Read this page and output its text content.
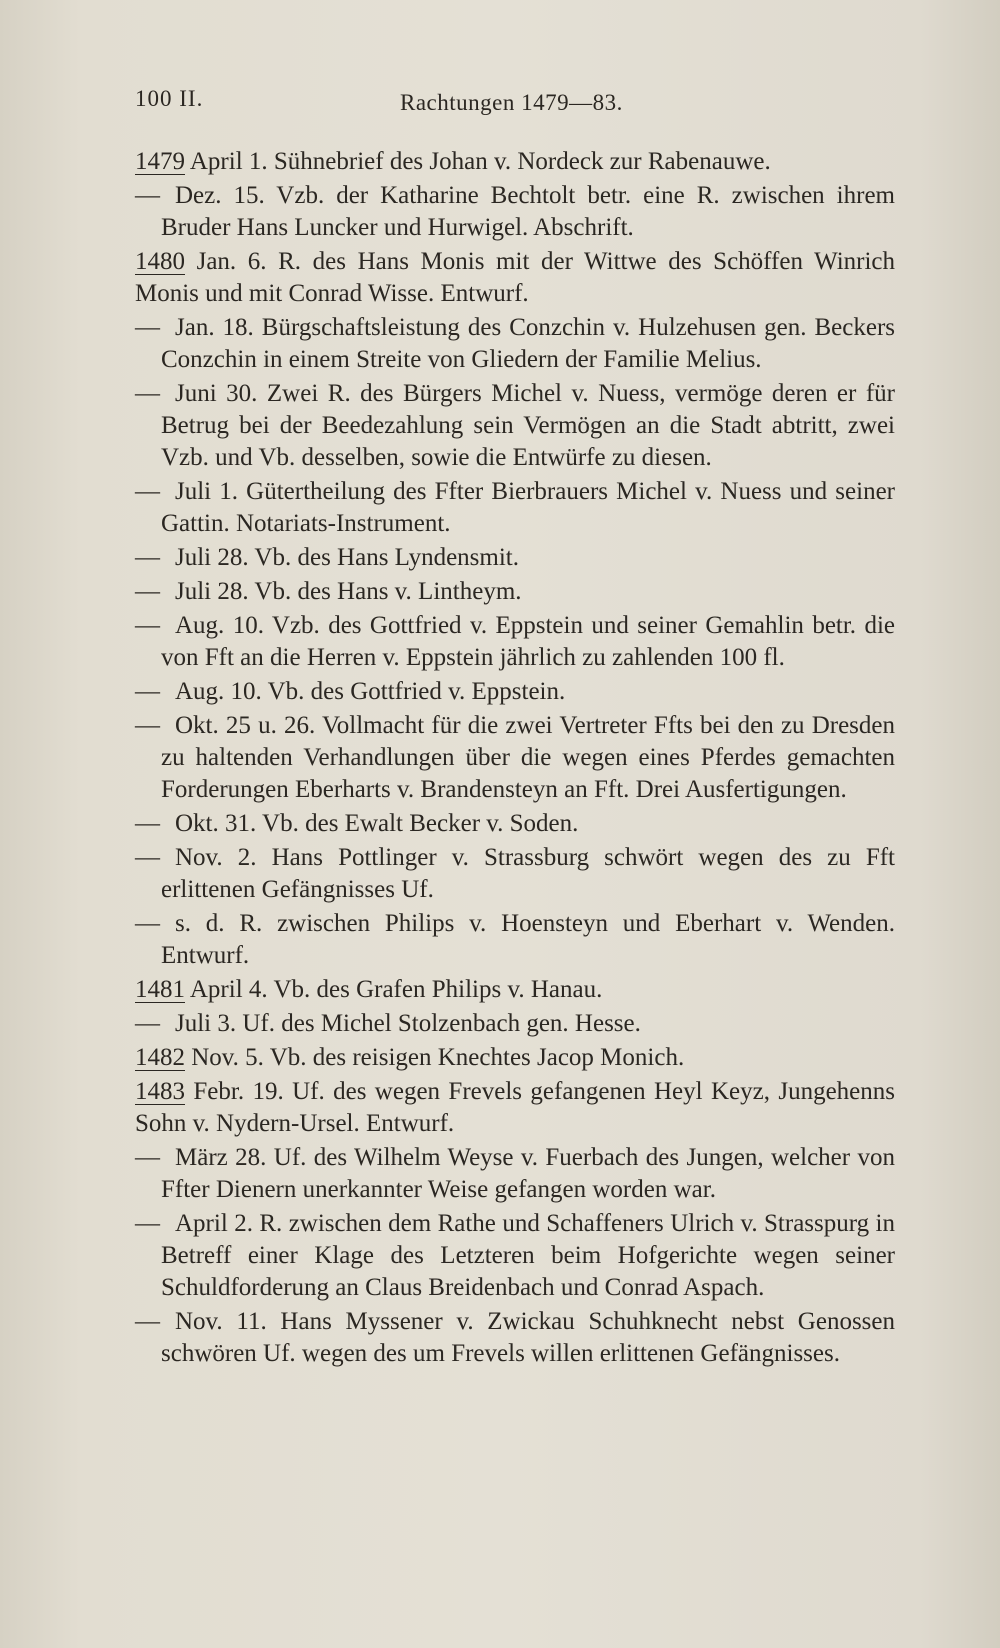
100 II.	Rachtungen 1479—83.
1479 April 1. Sühnebrief des Johan v. Nordeck zur Rabenauwe.
— Dez. 15. Vzb. der Katharine Bechtolt betr. eine R. zwischen ihrem Bruder Hans Luncker und Hurwigel. Abschrift.
1480 Jan. 6. R. des Hans Monis mit der Wittwe des Schöffen Winrich Monis und mit Conrad Wisse. Entwurf.
— Jan. 18. Bürgschaftsleistung des Conzchin v. Hulzehusen gen. Beckers Conzchin in einem Streite von Gliedern der Familie Melius.
— Juni 30. Zwei R. des Bürgers Michel v. Nuess, vermöge deren er für Betrug bei der Beedezahlung sein Vermögen an die Stadt abtritt, zwei Vzb. und Vb. desselben, sowie die Entwürfe zu diesen.
— Juli 1. Gütertheilung des Ffter Bierbrauers Michel v. Nuess und seiner Gattin. Notariats-Instrument.
— Juli 28. Vb. des Hans Lyndensmit.
— Juli 28. Vb. des Hans v. Lintheym.
— Aug. 10. Vzb. des Gottfried v. Eppstein und seiner Gemahlin betr. die von Fft an die Herren v. Eppstein jährlich zu zahlenden 100 fl.
— Aug. 10. Vb. des Gottfried v. Eppstein.
— Okt. 25 u. 26. Vollmacht für die zwei Vertreter Ffts bei den zu Dresden zu haltenden Verhandlungen über die wegen eines Pferdes gemachten Forderungen Eberharts v. Brandensteyn an Fft. Drei Ausfertigungen.
— Okt. 31. Vb. des Ewalt Becker v. Soden.
— Nov. 2. Hans Pottlinger v. Strassburg schwört wegen des zu Fft erlittenen Gefängnisses Uf.
— s. d. R. zwischen Philips v. Hoensteyn und Eberhart v. Wenden. Entwurf.
1481 April 4. Vb. des Grafen Philips v. Hanau.
— Juli 3. Uf. des Michel Stolzenbach gen. Hesse.
1482 Nov. 5. Vb. des reisigen Knechtes Jacop Monich.
1483 Febr. 19. Uf. des wegen Frevels gefangenen Heyl Keyz, Jungehenns Sohn v. Nydern-Ursel. Entwurf.
— März 28. Uf. des Wilhelm Weyse v. Fuerbach des Jungen, welcher von Ffter Dienern unerkannter Weise gefangen worden war.
— April 2. R. zwischen dem Rathe und Schaffeners Ulrich v. Strasspurg in Betreff einer Klage des Letzteren beim Hofgerichte wegen seiner Schuldforderung an Claus Breidenbach und Conrad Aspach.
— Nov. 11. Hans Myssener v. Zwickau Schuhknecht nebst Genossen schwören Uf. wegen des um Frevels willen erlittenen Gefängnisses.
